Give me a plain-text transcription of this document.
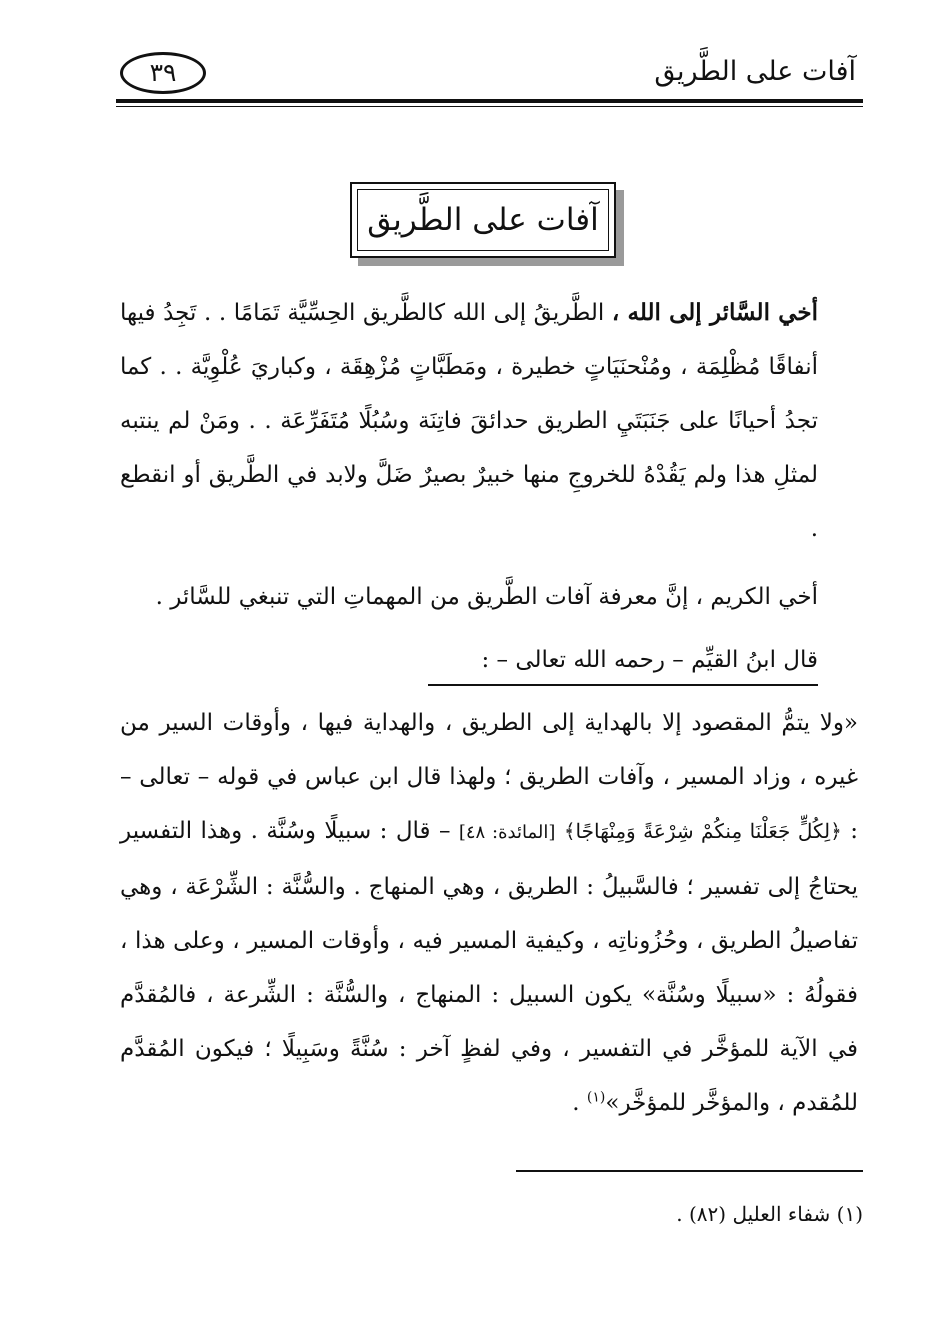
آفات على الطَّريق
٣٩
آفات على الطَّريق
أخي السَّائر إلى الله ، الطَّريقُ إلى الله كالطَّريق الحِسِّيَّة تَمَامًا . . تَجِدُ فيها أنفاقًا مُظْلِمَة ، ومُنْحنَيَاتٍ خطيرة ، ومَطَبَّاتٍ مُزْهِقَة ، وكباريَ عُلْوِيَّة . . كما تجدُ أحيانًا على جَنَبَتَيِ الطريق حدائقَ فاتِنَة وسُبُلًا مُتَفَرِّعَة . . ومَنْ لم ينتبه لمثلِ هذا ولم يَقُدْهُ للخروجِ منها خبيرٌ بصيرٌ ضَلَّ ولابد في الطَّريق أو انقطع .
أخي الكريم ، إنَّ معرفة آفات الطَّريق من المهماتِ التي تنبغي للسَّائر .
قال ابنُ القيِّم – رحمه الله تعالى – :
«ولا يتمُّ المقصود إلا بالهداية إلى الطريق ، والهداية فيها ، وأوقات السير من غيره ، وزاد المسير ، وآفات الطريق ؛ ولهذا قال ابن عباس في قوله – تعالى – : ﴿لِكُلٍّ جَعَلْنَا مِنكُمْ شِرْعَةً وَمِنْهَاجًا﴾ [المائدة: ٤٨] – قال : سبيلًا وسُنَّة . وهذا التفسير يحتاجُ إلى تفسير ؛ فالسَّبيلُ : الطريق ، وهي المنهاج . والسُّنَّة : الشِّرْعَة ، وهي تفاصيلُ الطريق ، وحُزُوناتِه ، وكيفية المسير فيه ، وأوقات المسير ، وعلى هذا ، فقولُهُ : «سبيلًا وسُنَّة» يكون السبيل : المنهاج ، والسُّنَّة : الشِّرعة ، فالمُقدَّم في الآية للمؤخَّر في التفسير ، وفي لفظٍ آخر : سُنَّةً وسَبِيلًا ؛ فيكون المُقدَّم للمُقدم ، والمؤخَّر للمؤخَّر»$^{(١)}$ .
(١) شفاء العليل (٨٢) .
